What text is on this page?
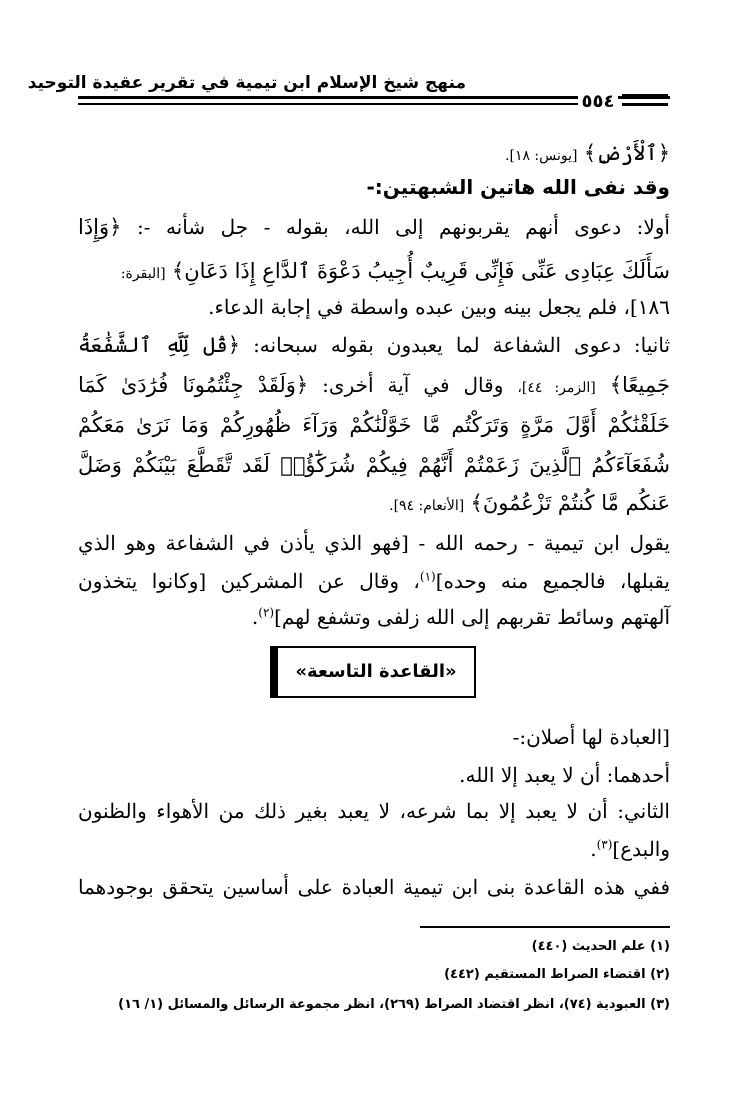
منهج شيخ الإسلام ابن تيمية في تقرير عقيدة التوحيد
٥٥٤
﴿ٱلْأَرْضِ﴾ [يونس: ١٨].
وقد نفى الله هاتين الشبهتين:-
أولا: دعوى أنهم يقربونهم إلى الله، بقوله - جل شأنه -: ﴿وَإِذَا
سَأَلَكَ عِبَادِى عَنِّى فَإِنِّى قَرِيبٌ أُجِيبُ دَعْوَةَ ٱلدَّاعِ إِذَا دَعَانِ﴾ [البقرة:
١٨٦]، فلم يجعل بينه وبين عبده واسطة في إجابة الدعاء.
ثانيا: دعوى الشفاعة لما يعبدون بقوله سبحانه: ﴿قُل لِّلَّهِ ٱلشَّفَٰعَةُ
جَمِيعًا﴾ [الزمر: ٤٤]، وقال في آية أخرى: ﴿وَلَقَدْ جِئْتُمُونَا فُرَٰدَىٰ كَمَا
خَلَقْنَٰكُمْ أَوَّلَ مَرَّةٍ وَتَرَكْتُم مَّا خَوَّلْنَٰكُمْ وَرَآءَ ظُهُورِكُمْ وَمَا نَرَىٰ مَعَكُمْ
شُفَعَآءَكُمُ ٱلَّذِينَ زَعَمْتُمْ أَنَّهُمْ فِيكُمْ شُرَكَٰٓؤُا۟ لَقَد تَّقَطَّعَ بَيْنَكُمْ وَضَلَّ
عَنكُم مَّا كُنتُمْ تَزْعُمُونَ﴾ [الأنعام: ٩٤].
يقول ابن تيمية - رحمه الله - [فهو الذي يأذن في الشفاعة وهو الذي
يقبلها، فالجميع منه وحده]$^{(١)}$، وقال عن المشركين [وكانوا يتخذون
آلهتهم وسائط تقربهم إلى الله زلفى وتشفع لهم]$^{(٢)}$.
«القاعدة التاسعة»
[العبادة لها أصلان:-
أحدهما: أن لا يعبد إلا الله.
الثاني: أن لا يعبد إلا بما شرعه، لا يعبد بغير ذلك من الأهواء والظنون
والبدع]$^{(٣)}$.
ففي هذه القاعدة بنى ابن تيمية العبادة على أساسين يتحقق بوجودهما
(١) علم الحديث (٤٤٠)
(٢) اقتضاء الصراط المستقيم (٤٤٢)
(٣) العبودية (٧٤)، انظر اقتضاد الصراط (٢٦٩)، انظر مجموعة الرسائل والمسائل (١/ ١٦)
